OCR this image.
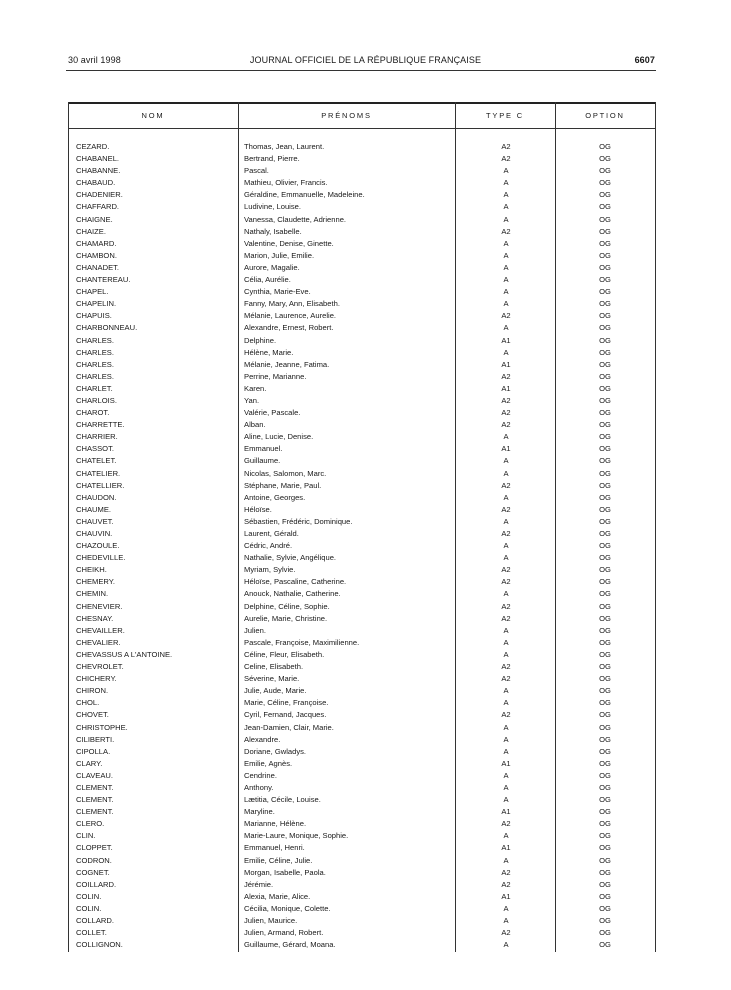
30 avril 1998	JOURNAL OFFICIEL DE LA RÉPUBLIQUE FRANÇAISE	6607
NOM	PRÉNOMS	TYPE C	OPTION
CEZARD.	Thomas, Jean, Laurent.	A2	OG
CHABANEL.	Bertrand, Pierre.	A2	OG
CHABANNE.	Pascal.	A	OG
CHABAUD.	Mathieu, Olivier, Francis.	A	OG
CHADENIER.	Géraldine, Emmanuelle, Madeleine.	A	OG
CHAFFARD.	Ludivine, Louise.	A	OG
CHAIGNE.	Vanessa, Claudette, Adrienne.	A	OG
CHAIZE.	Nathaly, Isabelle.	A2	OG
CHAMARD.	Valentine, Denise, Ginette.	A	OG
CHAMBON.	Marion, Julie, Emilie.	A	OG
CHANADET.	Aurore, Magalie.	A	OG
CHANTEREAU.	Célia, Aurélie.	A	OG
CHAPEL.	Cynthia, Marie-Eve.	A	OG
CHAPELIN.	Fanny, Mary, Ann, Elisabeth.	A	OG
CHAPUIS.	Mélanie, Laurence, Aurelie.	A2	OG
CHARBONNEAU.	Alexandre, Ernest, Robert.	A	OG
CHARLES.	Delphine.	A1	OG
CHARLES.	Hélène, Marie.	A	OG
CHARLES.	Mélanie, Jeanne, Fatima.	A1	OG
CHARLES.	Perrine, Marianne.	A2	OG
CHARLET.	Karen.	A1	OG
CHARLOIS.	Yan.	A2	OG
CHAROT.	Valérie, Pascale.	A2	OG
CHARRETTE.	Alban.	A2	OG
CHARRIER.	Aline, Lucie, Denise.	A	OG
CHASSOT.	Emmanuel.	A1	OG
CHATELET.	Guillaume.	A	OG
CHATELIER.	Nicolas, Salomon, Marc.	A	OG
CHATELLIER.	Stéphane, Marie, Paul.	A2	OG
CHAUDON.	Antoine, Georges.	A	OG
CHAUME.	Héloïse.	A2	OG
CHAUVET.	Sébastien, Frédéric, Dominique.	A	OG
CHAUVIN.	Laurent, Gérald.	A2	OG
CHAZOULE.	Cédric, André.	A	OG
CHEDEVILLE.	Nathalie, Sylvie, Angélique.	A	OG
CHEIKH.	Myriam, Sylvie.	A2	OG
CHEMERY.	Héloïse, Pascaline, Catherine.	A2	OG
CHEMIN.	Anouck, Nathalie, Catherine.	A	OG
CHENEVIER.	Delphine, Céline, Sophie.	A2	OG
CHESNAY.	Aurelie, Marie, Christine.	A2	OG
CHEVAILLER.	Julien.	A	OG
CHEVALIER.	Pascale, Françoise, Maximilienne.	A	OG
CHEVASSUS A L'ANTOINE.	Céline, Fleur, Elisabeth.	A	OG
CHEVROLET.	Celine, Elisabeth.	A2	OG
CHICHERY.	Séverine, Marie.	A2	OG
CHIRON.	Julie, Aude, Marie.	A	OG
CHOL.	Marie, Céline, Françoise.	A	OG
CHOVET.	Cyril, Fernand, Jacques.	A2	OG
CHRISTOPHE.	Jean-Damien, Clair, Marie.	A	OG
CILIBERTI.	Alexandre.	A	OG
CIPOLLA.	Doriane, Gwladys.	A	OG
CLARY.	Emilie, Agnès.	A1	OG
CLAVEAU.	Cendrine.	A	OG
CLEMENT.	Anthony.	A	OG
CLEMENT.	Lætitia, Cécile, Louise.	A	OG
CLEMENT.	Maryline.	A1	OG
CLERO.	Marianne, Hélène.	A2	OG
CLIN.	Marie-Laure, Monique, Sophie.	A	OG
CLOPPET.	Emmanuel, Henri.	A1	OG
CODRON.	Emilie, Céline, Julie.	A	OG
COGNET.	Morgan, Isabelle, Paola.	A2	OG
COILLARD.	Jérémie.	A2	OG
COLIN.	Alexia, Marie, Alice.	A1	OG
COLIN.	Cécilia, Monique, Colette.	A	OG
COLLARD.	Julien, Maurice.	A	OG
COLLET.	Julien, Armand, Robert.	A2	OG
COLLIGNON.	Guillaume, Gérard, Moana.	A	OG
